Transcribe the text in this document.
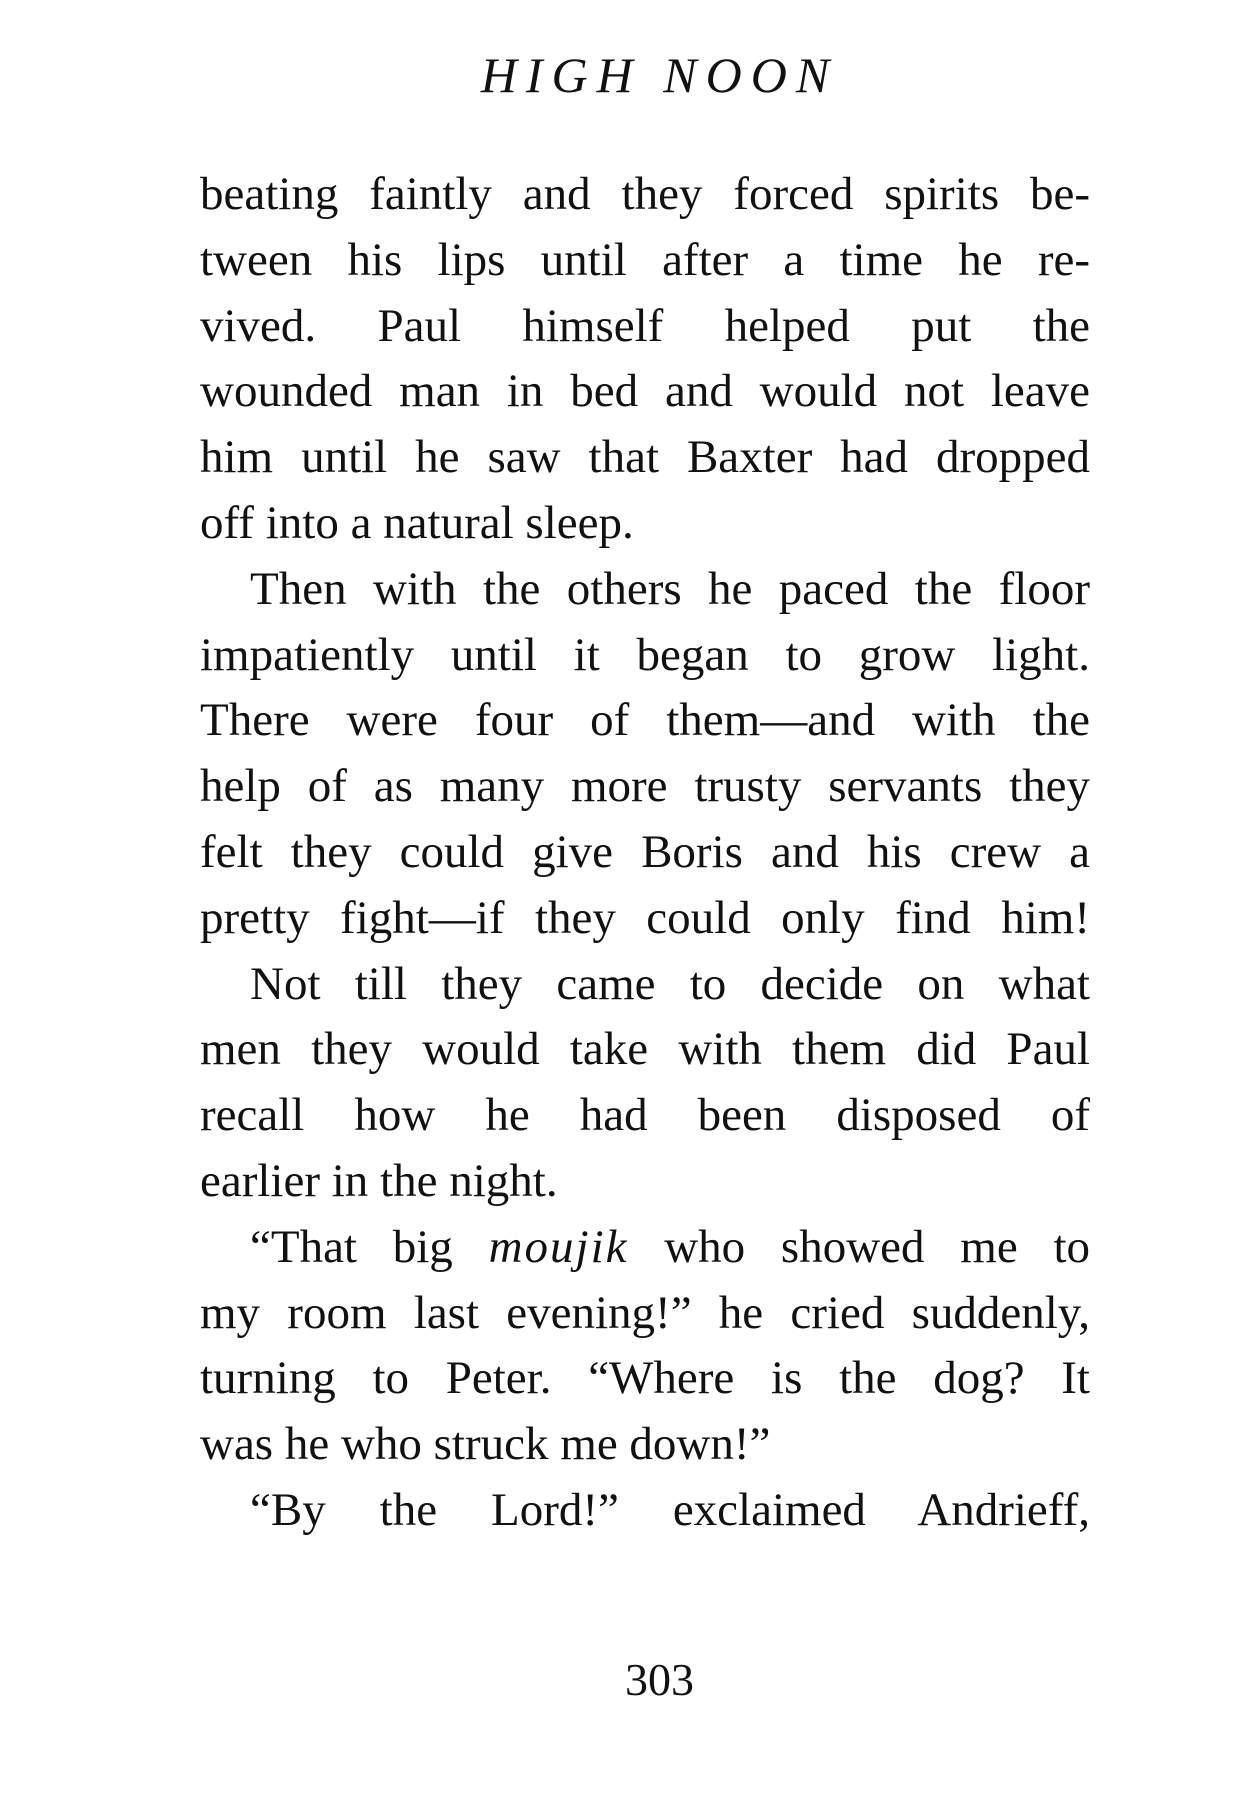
HIGH NOON
beating faintly and they forced spirits be-
tween his lips until after a time he re-
vived. Paul himself helped put the
wounded man in bed and would not leave
him until he saw that Baxter had dropped
off into a natural sleep.
Then with the others he paced the floor
impatiently until it began to grow light.
There were four of them—and with the
help of as many more trusty servants they
felt they could give Boris and his crew a
pretty fight—if they could only find him!
Not till they came to decide on what
men they would take with them did Paul
recall how he had been disposed of
earlier in the night.
“That big moujik who showed me to
my room last evening!” he cried suddenly,
turning to Peter. “Where is the dog? It
was he who struck me down!”
“By the Lord!” exclaimed Andrieff,
303
